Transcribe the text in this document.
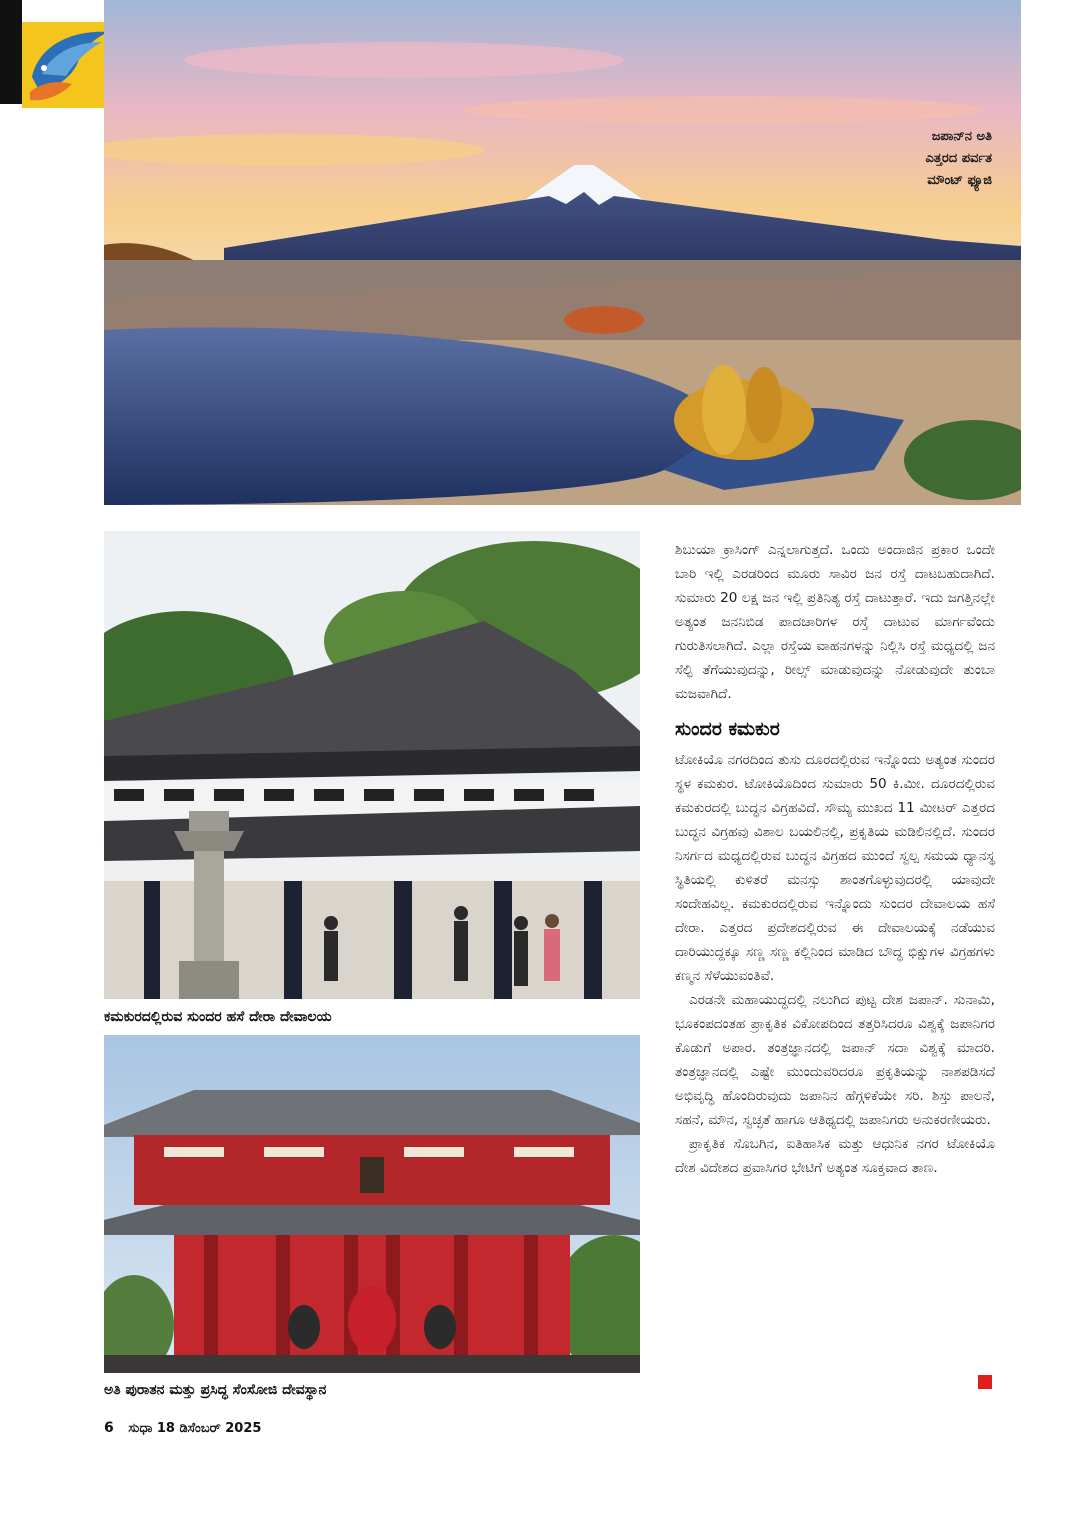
ಜಪಾನ್‌ನ ಅತಿ
ಎತ್ತರದ ಪರ್ವತ
ಮೌಂಟ್ ಫ್ಯೂಜಿ
ಕಮಕುರದಲ್ಲಿರುವ ಸುಂದರ ಹಸೆ ದೇರಾ ದೇವಾಲಯ
ಅತಿ ಪುರಾತನ ಮತ್ತು ಪ್ರಸಿದ್ಧ ಸೆಂಸೋಜಿ ದೇವಸ್ಥಾನ

ಶಿಬುಯಾ ಕ್ರಾಸಿಂಗ್ ಎನ್ನಲಾಗುತ್ತದೆ. ಒಂದು ಅಂದಾಜಿನ ಪ್ರಕಾರ ಒಂದೇ ಬಾರಿ ಇಲ್ಲಿ ಎರಡರಿಂದ ಮೂರು ಸಾವಿರ ಜನ ರಸ್ತೆ ದಾಟಬಹುದಾಗಿದೆ. ಸುಮಾರು 20 ಲಕ್ಷ ಜನ ಇಲ್ಲಿ ಪ್ರತಿನಿತ್ಯ ರಸ್ತೆ ದಾಟುತ್ತಾರೆ. ಇದು ಜಗತ್ತಿನಲ್ಲೇ ಅತ್ಯಂತ ಜನನಿಬಿಡ ಪಾದಚಾರಿಗಳ ರಸ್ತೆ ದಾಟುವ ಮಾರ್ಗವೆಂದು ಗುರುತಿಸಲಾಗಿದೆ. ಎಲ್ಲಾ ರಸ್ತೆಯ ವಾಹನಗಳನ್ನು ನಿಲ್ಲಿಸಿ ರಸ್ತೆ ಮಧ್ಯದಲ್ಲಿ ಜನ ಸೆಲ್ಫಿ ತೆಗೆಯುವುದನ್ನು, ರೀಲ್ಸ್ ಮಾಡುವುದನ್ನು ನೋಡುವುದೇ ತುಂಬಾ ಮಜವಾಗಿದೆ.

ಸುಂದರ ಕಮಕುರ

ಟೋಕಿಯೊ ನಗರದಿಂದ ತುಸು ದೂರದಲ್ಲಿರುವ ಇನ್ನೊಂದು ಅತ್ಯಂತ ಸುಂದರ ಸ್ಥಳ ಕಮಕುರ. ಟೋಕಿಯೊದಿಂದ ಸುಮಾರು 50 ಕಿ.ಮೀ. ದೂರದಲ್ಲಿರುವ ಕಮಕುರದಲ್ಲಿ ಬುದ್ಧನ ವಿಗ್ರಹವಿದೆ. ಸೌಮ್ಯ ಮುಖದ 11 ಮೀಟರ್ ಎತ್ತರದ ಬುದ್ಧನ ವಿಗ್ರಹವು ವಿಶಾಲ ಬಯಲಿನಲ್ಲಿ, ಪ್ರಕೃತಿಯ ಮಡಿಲಿನಲ್ಲಿದೆ. ಸುಂದರ ನಿಸರ್ಗದ ಮಧ್ಯದಲ್ಲಿರುವ ಬುದ್ಧನ ವಿಗ್ರಹದ ಮುಂದೆ ಸ್ವಲ್ಪ ಸಮಯ ಧ್ಯಾನಸ್ಥ ಸ್ಥಿತಿಯಲ್ಲಿ ಕುಳಿತರೆ ಮನಸ್ಸು ಶಾಂತಗೊಳ್ಳುವುದರಲ್ಲಿ ಯಾವುದೇ ಸಂದೇಹವಿಲ್ಲ. ಕಮಕುರದಲ್ಲಿರುವ ಇನ್ನೊಂದು ಸುಂದರ ದೇವಾಲಯ ಹಸೆ ದೇರಾ. ಎತ್ತರದ ಪ್ರದೇಶದಲ್ಲಿರುವ ಈ ದೇವಾಲಯಕ್ಕೆ ನಡೆಯುವ ದಾರಿಯುದ್ದಕ್ಕೂ ಸಣ್ಣ ಸಣ್ಣ ಕಲ್ಲಿನಿಂದ ಮಾಡಿದ ಬೌದ್ಧ ಭಿಕ್ಷುಗಳ ವಿಗ್ರಹಗಳು ಕಣ್ಮನ ಸೆಳೆಯುವಂತಿವೆ.

ಎರಡನೇ ಮಹಾಯುದ್ಧದಲ್ಲಿ ನಲುಗಿದ ಪುಟ್ಟ ದೇಶ ಜಪಾನ್. ಸುನಾಮಿ, ಭೂಕಂಪದಂತಹ ಪ್ರಾಕೃತಿಕ ವಿಕೋಪದಿಂದ ತತ್ತರಿಸಿದರೂ ವಿಶ್ವಕ್ಕೆ ಜಪಾನಿಗರ ಕೊಡುಗೆ ಅಪಾರ. ತಂತ್ರಜ್ಞಾನದಲ್ಲಿ ಜಪಾನ್ ಸದಾ ವಿಶ್ವಕ್ಕೆ ಮಾದರಿ. ತಂತ್ರಜ್ಞಾನದಲ್ಲಿ ಎಷ್ಟೇ ಮುಂದುವರಿದರೂ ಪ್ರಕೃತಿಯನ್ನು ನಾಶಪಡಿಸದೆ ಅಭಿವೃದ್ಧಿ ಹೊಂದಿರುವುದು ಜಪಾನಿನ ಹೆಗ್ಗಳಿಕೆಯೇ ಸರಿ. ಶಿಸ್ತು ಪಾಲನೆ, ಸಹನೆ, ಮೌನ, ಸ್ವಚ್ಛತೆ ಹಾಗೂ ಆತಿಥ್ಯದಲ್ಲಿ ಜಪಾನಿಗರು ಅನುಕರಣೀಯರು.

ಪ್ರಾಕೃತಿಕ ಸೊಬಗಿನ, ಐತಿಹಾಸಿಕ ಮತ್ತು ಆಧುನಿಕ ನಗರ ಟೋಕಿಯೊ ದೇಶ ವಿದೇಶದ ಪ್ರವಾಸಿಗರ ಭೇಟಿಗೆ ಅತ್ಯಂತ ಸೂಕ್ತವಾದ ತಾಣ.

6 ಸುಧಾ 18 ಡಿಸೆಂಬರ್ 2025
